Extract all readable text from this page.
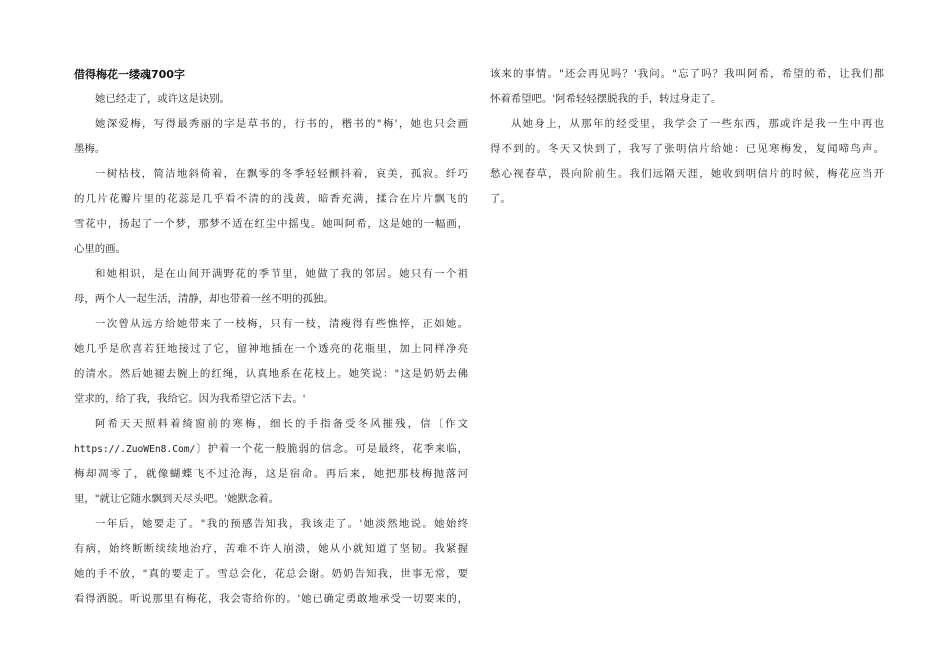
借得梅花一缕魂700字
她已经走了，或许这是诀别。
她深爱梅，写得最秀丽的字是草书的，行书的，楷书的"梅'，她也只会画
墨梅。
一树枯枝，简洁地斜倚着，在飘零的冬季轻轻颤抖着，哀美，孤寂。纤巧
的几片花瓣片里的花蕊是几乎看不清的的浅黄，暗香充满，揉合在片片飘飞的
雪花中，扬起了一个梦，那梦不适在红尘中摇曳。她叫阿希，这是她的一幅画，
心里的画。
和她相识，是在山间开满野花的季节里，她做了我的邻居。她只有一个祖
母，两个人一起生活，清静，却也带着一丝不明的孤独。
一次曾从远方给她带来了一枝梅，只有一枝，清瘦得有些憔悴，正如她。
她几乎是欣喜若狂地接过了它，留神地插在一个透亮的花瓶里，加上同样净亮
的清水。然后她褪去腕上的红绳，认真地系在花枝上。她笑说："这是奶奶去佛
堂求的，给了我，我给它。因为我希望它活下去。'
阿希天天照料着绮窗前的寒梅，细长的手指备受冬风摧残，信〔作文
https://.ZuoWEn8.Com/〕护着一个花一般脆弱的信念。可是最终，花季来临，
梅却凋零了，就像蝴蝶飞不过沧海，这是宿命。再后来，她把那枝梅抛落河
里，"就让它随水飘到天尽头吧。'她默念着。
一年后，她要走了。"我的预感告知我，我该走了。'她淡然地说。她始终
有病，始终断断续续地治疗，苦难不许人崩溃，她从小就知道了坚韧。我紧握
她的手不放，"真的要走了。雪总会化，花总会谢。奶奶告知我，世事无常，要
看得洒脱。听说那里有梅花，我会寄给你的。'她已确定勇敢地承受一切要来的，
该来的事情。"还会再见吗？'我问。"忘了吗？我叫阿希，希望的希，让我们都
怀着希望吧。'阿希轻轻摆脱我的手，转过身走了。
从她身上，从那年的经受里，我学会了一些东西，那或许是我一生中再也
得不到的。冬天又快到了，我写了张明信片给她：已见寒梅发，复闻啼鸟声。
愁心视春草，畏向阶前生。我们远隔天涯，她收到明信片的时候，梅花应当开
了。
